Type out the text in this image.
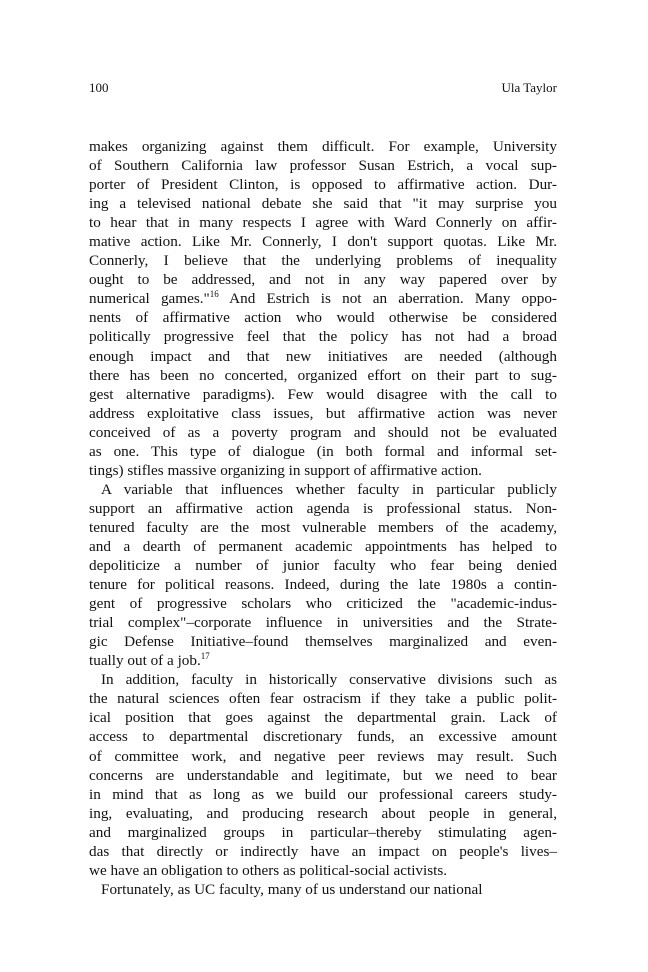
100	Ula Taylor
makes organizing against them difficult. For example, University
of Southern California law professor Susan Estrich, a vocal sup-
porter of President Clinton, is opposed to affirmative action. Dur-
ing a televised national debate she said that "it may surprise you
to hear that in many respects I agree with Ward Connerly on affir-
mative action. Like Mr. Connerly, I don't support quotas. Like Mr.
Connerly, I believe that the underlying problems of inequality
ought to be addressed, and not in any way papered over by
numerical games."$^{16}$ And Estrich is not an aberration. Many oppo-
nents of affirmative action who would otherwise be considered
politically progressive feel that the policy has not had a broad
enough impact and that new initiatives are needed (although
there has been no concerted, organized effort on their part to sug-
gest alternative paradigms). Few would disagree with the call to
address exploitative class issues, but affirmative action was never
conceived of as a poverty program and should not be evaluated
as one. This type of dialogue (in both formal and informal set-
tings) stifles massive organizing in support of affirmative action.
A variable that influences whether faculty in particular publicly
support an affirmative action agenda is professional status. Non-
tenured faculty are the most vulnerable members of the academy,
and a dearth of permanent academic appointments has helped to
depoliticize a number of junior faculty who fear being denied
tenure for political reasons. Indeed, during the late 1980s a contin-
gent of progressive scholars who criticized the "academic-indus-
trial complex"–corporate influence in universities and the Strate-
gic Defense Initiative–found themselves marginalized and even-
tually out of a job.$^{17}$
In addition, faculty in historically conservative divisions such as
the natural sciences often fear ostracism if they take a public polit-
ical position that goes against the departmental grain. Lack of
access to departmental discretionary funds, an excessive amount
of committee work, and negative peer reviews may result. Such
concerns are understandable and legitimate, but we need to bear
in mind that as long as we build our professional careers study-
ing, evaluating, and producing research about people in general,
and marginalized groups in particular–thereby stimulating agen-
das that directly or indirectly have an impact on people's lives–
we have an obligation to others as political-social activists.
Fortunately, as UC faculty, many of us understand our national
